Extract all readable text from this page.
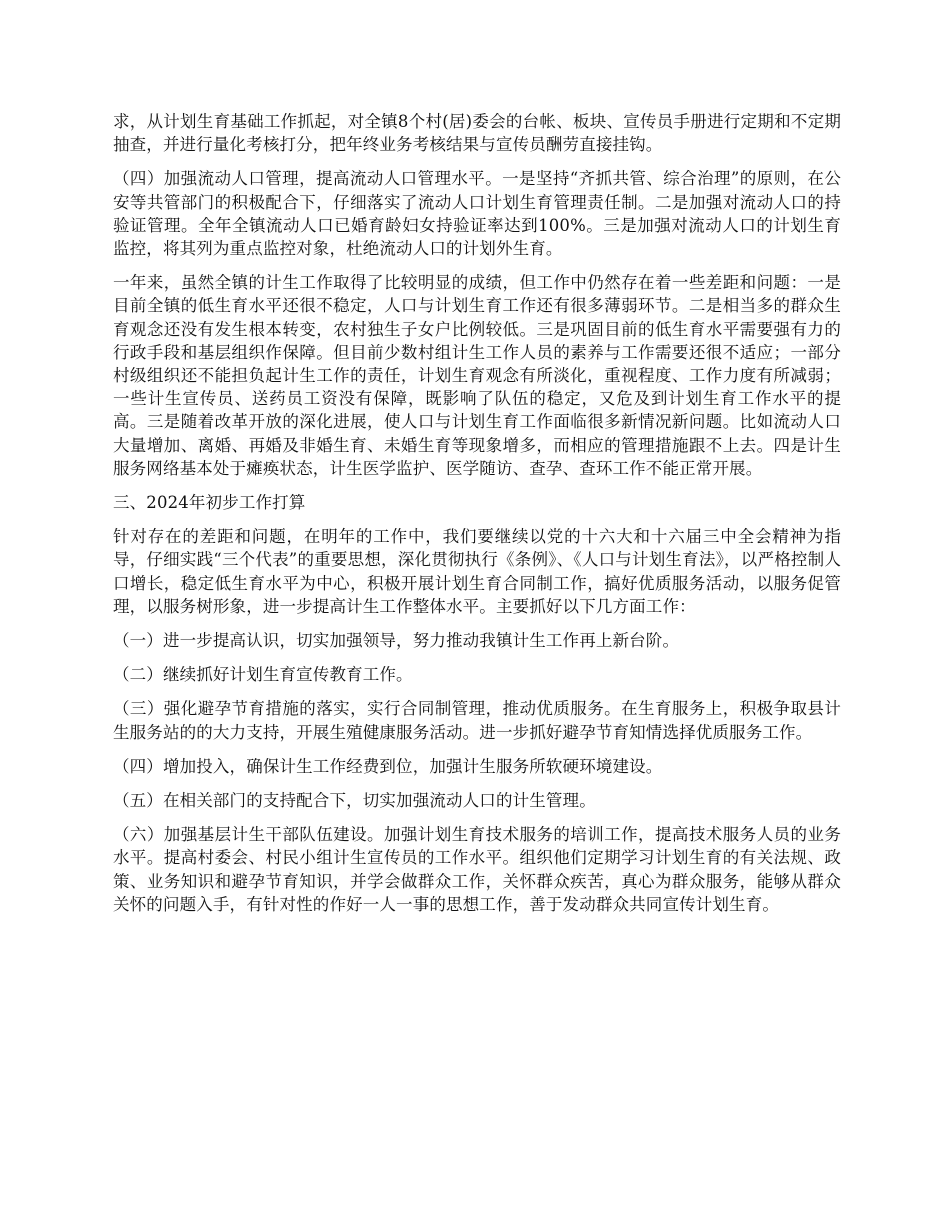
求，从计划生育基础工作抓起，对全镇8个村(居)委会的台帐、板块、宣传员手册进行定期和不定期抽查，并进行量化考核打分，把年终业务考核结果与宣传员酬劳直接挂钩。

（四）加强流动人口管理，提高流动人口管理水平。一是坚持“齐抓共管、综合治理”的原则，在公安等共管部门的积极配合下，仔细落实了流动人口计划生育管理责任制。二是加强对流动人口的持验证管理。全年全镇流动人口已婚育龄妇女持验证率达到100%。三是加强对流动人口的计划生育监控，将其列为重点监控对象，杜绝流动人口的计划外生育。

一年来，虽然全镇的计生工作取得了比较明显的成绩，但工作中仍然存在着一些差距和问题：一是目前全镇的低生育水平还很不稳定，人口与计划生育工作还有很多薄弱环节。二是相当多的群众生育观念还没有发生根本转变，农村独生子女户比例较低。三是巩固目前的低生育水平需要强有力的行政手段和基层组织作保障。但目前少数村组计生工作人员的素养与工作需要还很不适应；一部分村级组织还不能担负起计生工作的责任，计划生育观念有所淡化，重视程度、工作力度有所减弱；一些计生宣传员、送药员工资没有保障，既影响了队伍的稳定，又危及到计划生育工作水平的提高。三是随着改革开放的深化进展，使人口与计划生育工作面临很多新情况新问题。比如流动人口大量增加、离婚、再婚及非婚生育、未婚生育等现象增多，而相应的管理措施跟不上去。四是计生服务网络基本处于瘫痪状态，计生医学监护、医学随访、查孕、查环工作不能正常开展。

三、2024年初步工作打算

针对存在的差距和问题，在明年的工作中，我们要继续以党的十六大和十六届三中全会精神为指导，仔细实践“三个代表”的重要思想，深化贯彻执行《条例》、《人口与计划生育法》，以严格控制人口增长，稳定低生育水平为中心，积极开展计划生育合同制工作，搞好优质服务活动，以服务促管理，以服务树形象，进一步提高计生工作整体水平。主要抓好以下几方面工作：

（一）进一步提高认识，切实加强领导，努力推动我镇计生工作再上新台阶。

（二）继续抓好计划生育宣传教育工作。

（三）强化避孕节育措施的落实，实行合同制管理，推动优质服务。在生育服务上，积极争取县计生服务站的的大力支持，开展生殖健康服务活动。进一步抓好避孕节育知情选择优质服务工作。

（四）增加投入，确保计生工作经费到位，加强计生服务所软硬环境建设。

（五）在相关部门的支持配合下，切实加强流动人口的计生管理。

（六）加强基层计生干部队伍建设。加强计划生育技术服务的培训工作，提高技术服务人员的业务水平。提高村委会、村民小组计生宣传员的工作水平。组织他们定期学习计划生育的有关法规、政策、业务知识和避孕节育知识，并学会做群众工作，关怀群众疾苦，真心为群众服务，能够从群众关怀的问题入手，有针对性的作好一人一事的思想工作，善于发动群众共同宣传计划生育。
